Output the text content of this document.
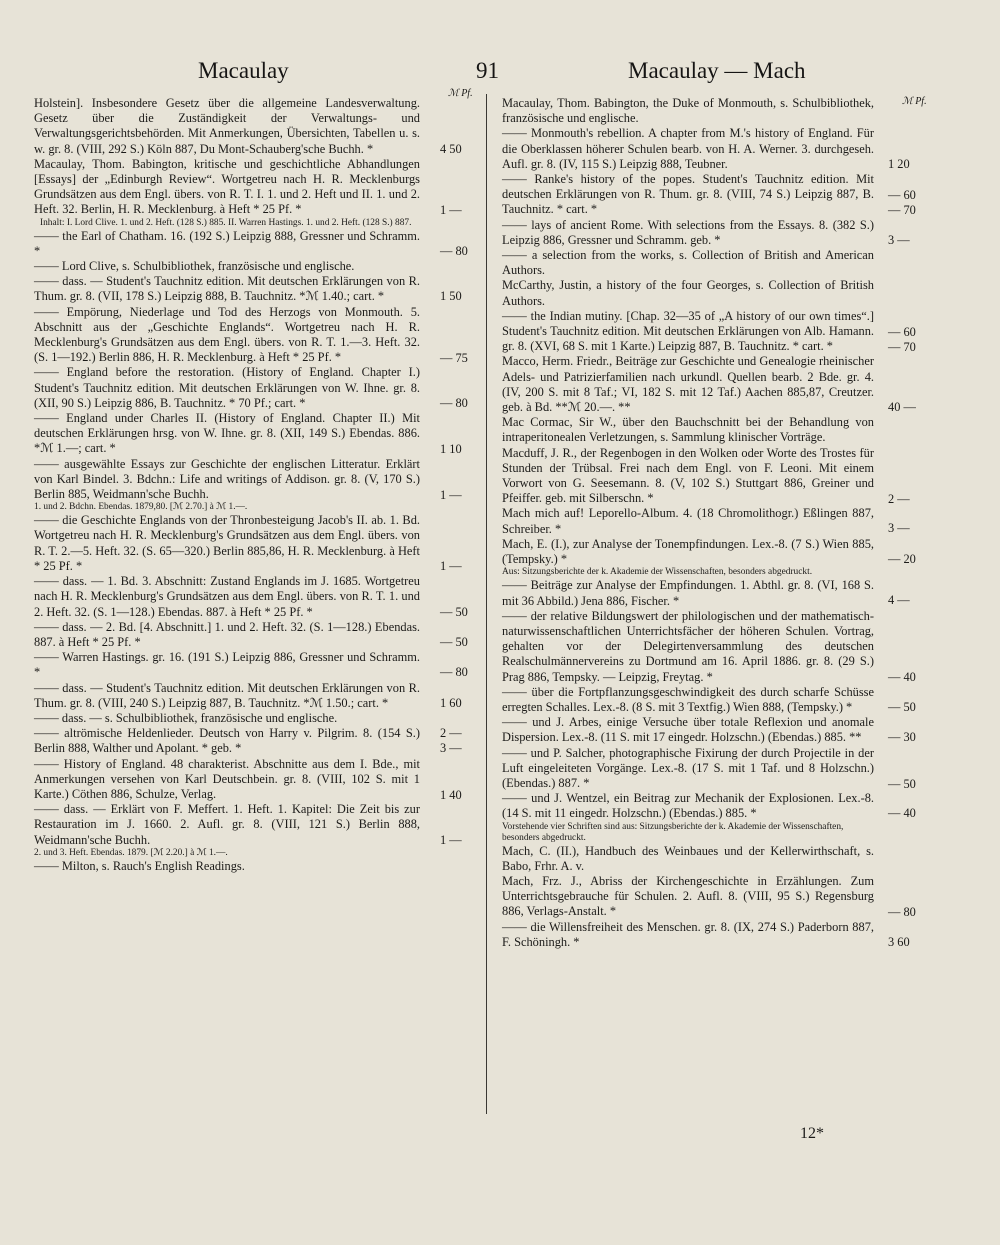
Macaulay	91	Macaulay — Mach
ℳ Pf.
ℳ Pf.

Holstein]. Insbesondere Gesetz über die allgemeine Landesverwaltung. Gesetz über die Zuständigkeit der Verwaltungs- und Verwaltungsgerichtsbehörden. Mit Anmerkungen, Übersichten, Tabellen u. s. w. gr. 8. (VIII, 292 S.) Köln 887, Du Mont-Schauberg'sche Buchh. *

Macaulay, Thom. Babington, kritische und geschichtliche Abhandlungen [Essays] der „Edinburgh Review“. Wortgetreu nach H. R. Mecklenburgs Grundsätzen aus dem Engl. übers. von R. T. I. 1. und 2. Heft und II. 1. und 2. Heft. 32. Berlin, H. R. Mecklenburg. à Heft * 25 Pf. *

Inhalt: I. Lord Clive. 1. und 2. Heft. (128 S.) 885. II. Warren Hastings. 1. und 2. Heft. (128 S.) 887.

—— the Earl of Chatham. 16. (192 S.) Leipzig 888, Gressner und Schramm. *

—— Lord Clive, s. Schulbibliothek, französische und englische.

—— dass. — Student's Tauchnitz edition. Mit deutschen Erklärungen von R. Thum. gr. 8. (VII, 178 S.) Leipzig 888, B. Tauchnitz. *ℳ 1.40.; cart. *

—— Empörung, Niederlage und Tod des Herzogs von Monmouth. 5. Abschnitt aus der „Geschichte Englands“. Wortgetreu nach H. R. Mecklenburg's Grundsätzen aus dem Engl. übers. von R. T. 1.—3. Heft. 32. (S. 1—192.) Berlin 886, H. R. Mecklenburg. à Heft * 25 Pf. *

—— England before the restoration. (History of England. Chapter I.) Student's Tauchnitz edition. Mit deutschen Erklärungen von W. Ihne. gr. 8. (XII, 90 S.) Leipzig 886, B. Tauchnitz. * 70 Pf.; cart. *

—— England under Charles II. (History of England. Chapter II.) Mit deutschen Erklärungen hrsg. von W. Ihne. gr. 8. (XII, 149 S.) Ebendas. 886. *ℳ 1.—; cart. *

—— ausgewählte Essays zur Geschichte der englischen Litteratur. Erklärt von Karl Bindel. 3. Bdchn.: Life and writings of Addison. gr. 8. (V, 170 S.) Berlin 885, Weidmann'sche Buchh.

1. und 2. Bdchn. Ebendas. 1879,80. [ℳ 2.70.] à ℳ 1.—.

—— die Geschichte Englands von der Thronbesteigung Jacob's II. ab. 1. Bd. Wortgetreu nach H. R. Mecklenburg's Grundsätzen aus dem Engl. übers. von R. T. 2.—5. Heft. 32. (S. 65—320.) Berlin 885,86, H. R. Mecklenburg. à Heft * 25 Pf. *

—— dass. — 1. Bd. 3. Abschnitt: Zustand Englands im J. 1685. Wortgetreu nach H. R. Mecklenburg's Grundsätzen aus dem Engl. übers. von R. T. 1. und 2. Heft. 32. (S. 1—128.) Ebendas. 887. à Heft * 25 Pf. *

—— dass. — 2. Bd. [4. Abschnitt.] 1. und 2. Heft. 32. (S. 1—128.) Ebendas. 887. à Heft * 25 Pf. *

—— Warren Hastings. gr. 16. (191 S.) Leipzig 886, Gressner und Schramm. *

—— dass. — Student's Tauchnitz edition. Mit deutschen Erklärungen von R. Thum. gr. 8. (VIII, 240 S.) Leipzig 887, B. Tauchnitz. *ℳ 1.50.; cart. *

—— dass. — s. Schulbibliothek, französische und englische.

—— altrömische Heldenlieder. Deutsch von Harry v. Pilgrim. 8. (154 S.) Berlin 888, Walther und Apolant. * geb. *

—— History of England. 48 charakterist. Abschnitte aus dem I. Bde., mit Anmerkungen versehen von Karl Deutschbein. gr. 8. (VIII, 102 S. mit 1 Karte.) Cöthen 886, Schulze, Verlag.

—— dass. — Erklärt von F. Meffert. 1. Heft. 1. Kapitel: Die Zeit bis zur Restauration im J. 1660. 2. Aufl. gr. 8. (VIII, 121 S.) Berlin 888, Weidmann'sche Buchh.

2. und 3. Heft. Ebendas. 1879. [ℳ 2.20.] à ℳ 1.—.

—— Milton, s. Rauch's English Readings.

Macaulay, Thom. Babington, the Duke of Monmouth, s. Schulbibliothek, französische und englische.

—— Monmouth's rebellion. A chapter from M.'s history of England. Für die Oberklassen höherer Schulen bearb. von H. A. Werner. 3. durchgeseh. Aufl. gr. 8. (IV, 115 S.) Leipzig 888, Teubner.

—— Ranke's history of the popes. Student's Tauchnitz edition. Mit deutschen Erklärungen von R. Thum. gr. 8. (VIII, 74 S.) Leipzig 887, B. Tauchnitz. * cart. *

—— lays of ancient Rome. With selections from the Essays. 8. (382 S.) Leipzig 886, Gressner und Schramm. geb. *

—— a selection from the works, s. Collection of British and American Authors.

McCarthy, Justin, a history of the four Georges, s. Collection of British Authors.

—— the Indian mutiny. [Chap. 32—35 of „A history of our own times“.] Student's Tauchnitz edition. Mit deutschen Erklärungen von Alb. Hamann. gr. 8. (XVI, 68 S. mit 1 Karte.) Leipzig 887, B. Tauchnitz. * cart. *

Macco, Herm. Friedr., Beiträge zur Geschichte und Genealogie rheinischer Adels- und Patrizierfamilien nach urkundl. Quellen bearb. 2 Bde. gr. 4. (IV, 200 S. mit 8 Taf.; VI, 182 S. mit 12 Taf.) Aachen 885,87, Creutzer. geb. à Bd. **ℳ 20.—. **

Mac Cormac, Sir W., über den Bauchschnitt bei der Behandlung von intraperitonealen Verletzungen, s. Sammlung klinischer Vorträge.

Macduff, J. R., der Regenbogen in den Wolken oder Worte des Trostes für Stunden der Trübsal. Frei nach dem Engl. von F. Leoni. Mit einem Vorwort von G. Seesemann. 8. (V, 102 S.) Stuttgart 886, Greiner und Pfeiffer. geb. mit Silberschn. *

Mach mich auf! Leporello-Album. 4. (18 Chromolithogr.) Eßlingen 887, Schreiber. *

Mach, E. (I.), zur Analyse der Tonempfindungen. Lex.-8. (7 S.) Wien 885, (Tempsky.) *

Aus: Sitzungsberichte der k. Akademie der Wissenschaften, besonders abgedruckt.

—— Beiträge zur Analyse der Empfindungen. 1. Abthl. gr. 8. (VI, 168 S. mit 36 Abbild.) Jena 886, Fischer. *

—— der relative Bildungswert der philologischen und der mathematisch-naturwissenschaftlichen Unterrichtsfächer der höheren Schulen. Vortrag, gehalten vor der Delegirtenversammlung des deutschen Realschulmännervereins zu Dortmund am 16. April 1886. gr. 8. (29 S.) Prag 886, Tempsky. — Leipzig, Freytag. *

—— über die Fortpflanzungsgeschwindigkeit des durch scharfe Schüsse erregten Schalles. Lex.-8. (8 S. mit 3 Textfig.) Wien 888, (Tempsky.) *

—— und J. Arbes, einige Versuche über totale Reflexion und anomale Dispersion. Lex.-8. (11 S. mit 17 eingedr. Holzschn.) (Ebendas.) 885. **

—— und P. Salcher, photographische Fixirung der durch Projectile in der Luft eingeleiteten Vorgänge. Lex.-8. (17 S. mit 1 Taf. und 8 Holzschn.) (Ebendas.) 887. *

—— und J. Wentzel, ein Beitrag zur Mechanik der Explosionen. Lex.-8. (14 S. mit 11 eingedr. Holzschn.) (Ebendas.) 885. *

Vorstehende vier Schriften sind aus: Sitzungsberichte der k. Akademie der Wissenschaften, besonders abgedruckt.

Mach, C. (II.), Handbuch des Weinbaues und der Kellerwirthschaft, s. Babo, Frhr. A. v.

Mach, Frz. J., Abriss der Kirchengeschichte in Erzählungen. Zum Unterrichtsgebrauche für Schulen. 2. Aufl. 8. (VIII, 95 S.) Regensburg 886, Verlags-Anstalt. *

—— die Willensfreiheit des Menschen. gr. 8. (IX, 274 S.) Paderborn 887, F. Schöningh. *

12*
4 50
1 —
— 80
1 50
— 75
— 80
1 10
1 —
1 —
— 50
— 50
— 80
1 60
2 —
3 —
1 40
1 —
1 20
— 60
— 70
3 —
— 60
— 70
40 —
2 —
3 —
— 20
4 —
— 40
— 50
— 30
— 50
— 40
— 80
3 60
